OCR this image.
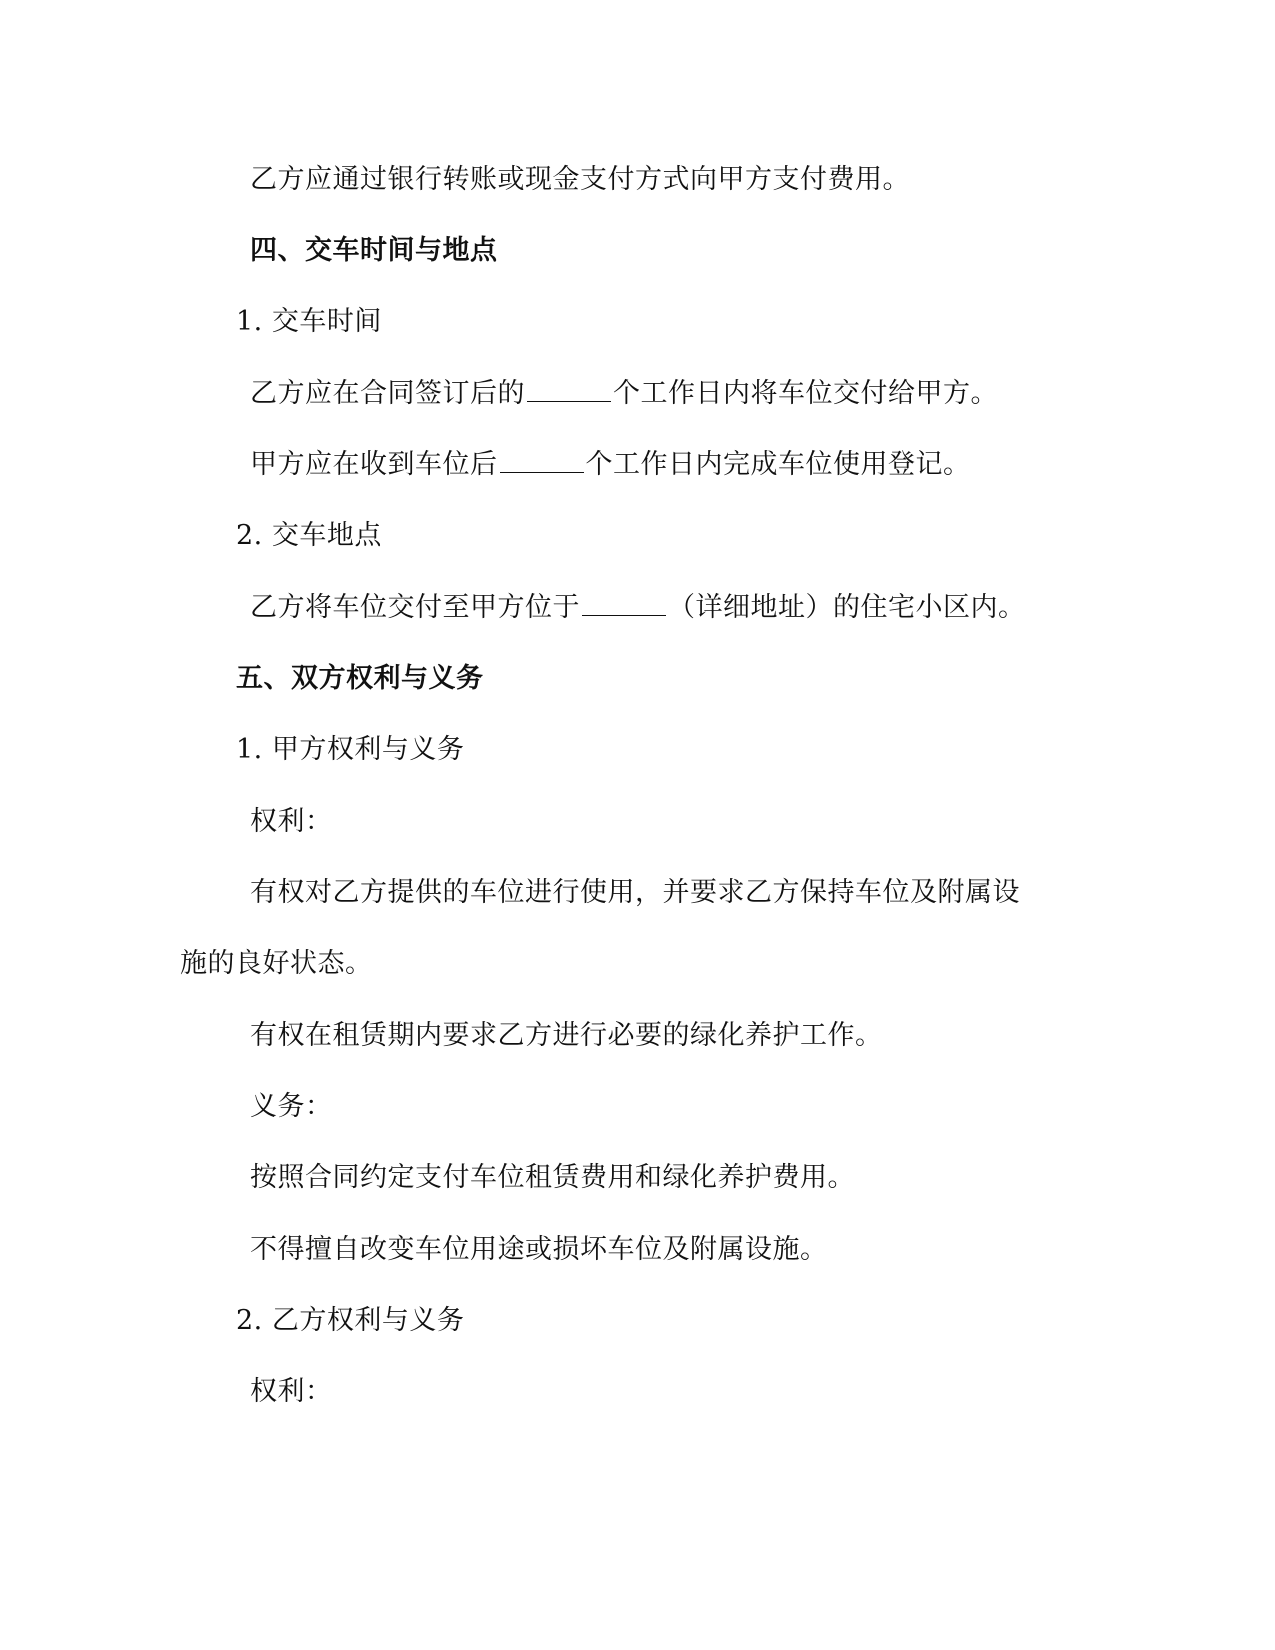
乙方应通过银行转账或现金支付方式向甲方支付费用。
四、交车时间与地点
1. 交车时间
乙方应在合同签订后的	个工作日内将车位交付给甲方。
甲方应在收到车位后	个工作日内完成车位使用登记。
2. 交车地点
乙方将车位交付至甲方位于	（详细地址）的住宅小区内。
五、双方权利与义务
1. 甲方权利与义务
权利：
有权对乙方提供的车位进行使用，并要求乙方保持车位及附属设
施的良好状态。
有权在租赁期内要求乙方进行必要的绿化养护工作。
义务：
按照合同约定支付车位租赁费用和绿化养护费用。
不得擅自改变车位用途或损坏车位及附属设施。
2. 乙方权利与义务
权利：
